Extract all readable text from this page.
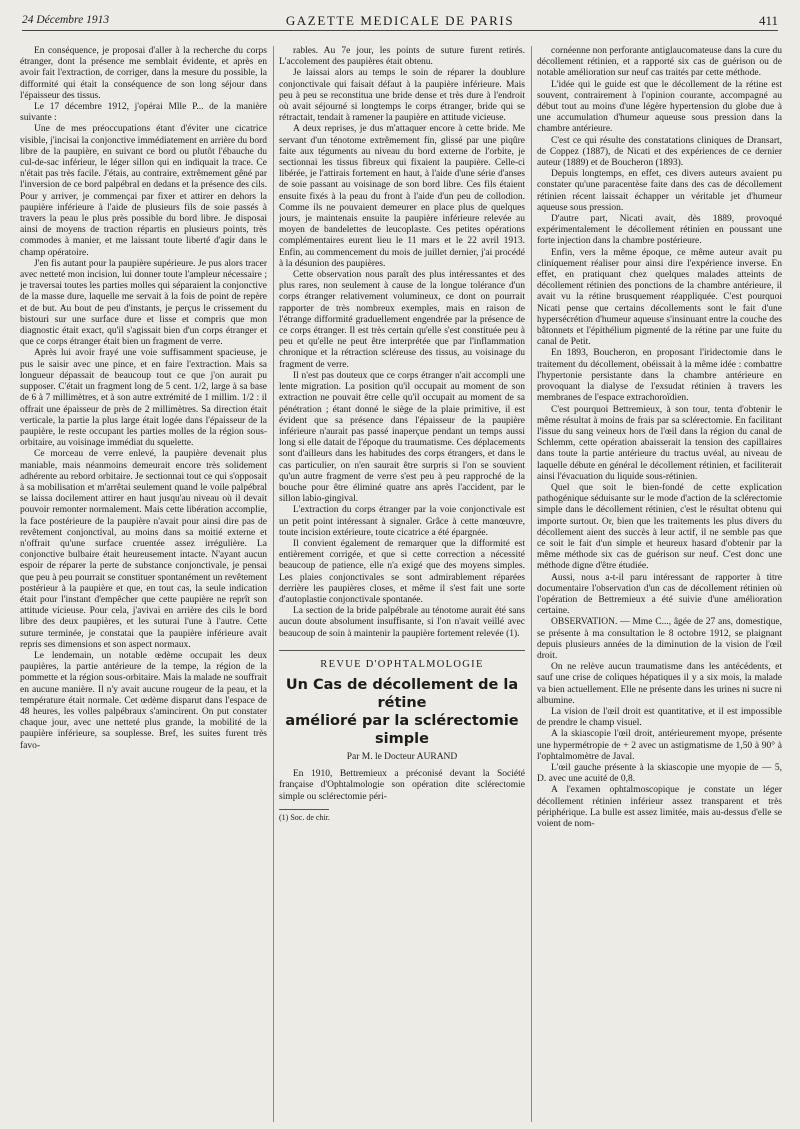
24 Décembre 1913	GAZETTE MEDICALE DE PARIS	411

En conséquence, je proposai d'aller à la recherche du corps étranger, dont la présence me semblait évidente, et après en avoir fait l'extraction, de corriger, dans la mesure du possible, la difformité qui était la conséquence de son long séjour dans l'épaisseur des tissus.

Le 17 décembre 1912, j'opérai Mlle P... de la manière suivante :

Une de mes préoccupations étant d'éviter une cicatrice visible, j'incisai la conjonctive immédiatement en arrière du bord libre de la paupière, en suivant ce bord ou plutôt l'ébauche du cul-de-sac inférieur, le léger sillon qui en indiquait la trace. Ce n'était pas très facile. J'étais, au contraire, extrêmement gêné par l'inversion de ce bord palpébral en dedans et la présence des cils. Pour y arriver, je commençai par fixer et attirer en dehors la paupière inférieure à l'aide de plusieurs fils de soie passés à travers la peau le plus près possible du bord libre. Je disposai ainsi de moyens de traction répartis en plusieurs points, très commodes à manier, et me laissant toute liberté d'agir dans le champ opératoire.

J'en fis autant pour la paupière supérieure. Je pus alors tracer avec netteté mon incision, lui donner toute l'ampleur nécessaire ; je traversai toutes les parties molles qui séparaient la conjonctive de la masse dure, laquelle me servait à la fois de point de repère et de but. Au bout de peu d'instants, je perçus le crissement du bistouri sur une surface dure et lisse et compris que mon diagnostic était exact, qu'il s'agissait bien d'un corps étranger et que ce corps étranger était bien un fragment de verre.

Après lui avoir frayé une voie suffisamment spacieuse, je pus le saisir avec une pince, et en faire l'extraction. Mais sa longueur dépassait de beaucoup tout ce que j'on aurait pu supposer. C'était un fragment long de 5 cent. 1/2, large à sa base de 6 à 7 millimètres, et à son autre extrémité de 1 millim. 1/2 : il offrait une épaisseur de près de 2 millimètres. Sa direction était verticale, la partie la plus large était logée dans l'épaisseur de la paupière, le reste occupant les parties molles de la région sous-orbitaire, au voisinage immédiat du squelette.

Ce morceau de verre enlevé, la paupière devenait plus maniable, mais néanmoins demeurait encore très solidement adhérente au rebord orbitaire. Je sectionnai tout ce qui s'opposait à sa mobilisation et m'arrêtai seulement quand le voile palpébral se laissa docilement attirer en haut jusqu'au niveau où il devait pouvoir remonter normalement. Mais cette libération accomplie, la face postérieure de la paupière n'avait pour ainsi dire pas de revêtement conjonctival, au moins dans sa moitié externe et n'offrait qu'une surface cruentée assez irrégulière. La conjonctive bulbaire était heureusement intacte. N'ayant aucun espoir de réparer la perte de substance conjonctivale, je pensai que peu à peu pourrait se constituer spontanément un revêtement postérieur à la paupière et que, en tout cas, la seule indication était pour l'instant d'empêcher que cette paupière ne reprît son attitude vicieuse. Pour cela, j'avivai en arrière des cils le bord libre des deux paupières, et les suturai l'une à l'autre. Cette suture terminée, je constatai que la paupière inférieure avait repris ses dimensions et son aspect normaux.

Le lendemain, un notable œdème occupait les deux paupières, la partie antérieure de la tempe, la région de la pommette et la région sous-orbitaire. Mais la malade ne souffrait en aucune manière. Il n'y avait aucune rougeur de la peau, et la température était normale. Cet œdème disparut dans l'espace de 48 heures, les volles palpébraux s'amincirent. On put constater chaque jour, avec une netteté plus grande, la mobilité de la paupière inférieure, sa souplesse. Bref, les suites furent très favo-

rables. Au 7e jour, les points de suture furent retirés. L'accolement des paupières était obtenu.

Je laissai alors au temps le soin de réparer la doublure conjonctivale qui faisait défaut à la paupière inférieure. Mais peu à peu se reconstitua une bride dense et très dure à l'endroit où avait séjourné si longtemps le corps étranger, bride qui se rétractait, tendait à ramener la paupière en attitude vicieuse.

A deux reprises, je dus m'attaquer encore à cette bride. Me servant d'un ténotome extrêmement fin, glissé par une piqûre faite aux téguments au niveau du bord externe de l'orbite, je sectionnai les tissus fibreux qui fixaient la paupière. Celle-ci libérée, je l'attirais fortement en haut, à l'aide d'une série d'anses de soie passant au voisinage de son bord libre. Ces fils étaient ensuite fixés à la peau du front à l'aide d'un peu de collodion. Comme ils ne pouvaient demeurer en place plus de quelques jours, je maintenais ensuite la paupière inférieure relevée au moyen de bandelettes de leucoplaste. Ces petites opérations complémentaires eurent lieu le 11 mars et le 22 avril 1913. Enfin, au commencement du mois de juillet dernier, j'ai procédé à la désunion des paupières.

Cette observation nous paraît des plus intéressantes et des plus rares, non seulement à cause de la longue tolérance d'un corps étranger relativement volumineux, ce dont on pourrait rapporter de très nombreux exemples, mais en raison de l'étrange difformité graduellement engendrée par la présence de ce corps étranger. Il est très certain qu'elle s'est constituée peu à peu et qu'elle ne peut être interprétée que par l'inflammation chronique et la rétraction scléreuse des tissus, au voisinage du fragment de verre.

Il n'est pas douteux que ce corps étranger n'ait accompli une lente migration. La position qu'il occupait au moment de son extraction ne pouvait être celle qu'il occupait au moment de sa pénétration ; étant donné le siège de la plaie primitive, il est évident que sa présence dans l'épaisseur de la paupière inférieure n'aurait pas passé inaperçue pendant un temps aussi long si elle datait de l'époque du traumatisme. Ces déplacements sont d'ailleurs dans les habitudes des corps étrangers, et dans le cas particulier, on n'en saurait être surpris si l'on se souvient qu'un autre fragment de verre s'est peu à peu rapproché de la bouche pour être éliminé quatre ans après l'accident, par le sillon labio-gingival.

L'extraction du corps étranger par la voie conjonctivale est un petit point intéressant à signaler. Grâce à cette manœuvre, toute incision extérieure, toute cicatrice a été épargnée.

Il convient également de remarquer que la difformité est entièrement corrigée, et que si cette correction a nécessité beaucoup de patience, elle n'a exigé que des moyens simples. Les plaies conjonctivales se sont admirablement réparées derrière les paupières closes, et même il s'est fait une sorte d'autoplastie conjonctivale spontanée.

La section de la bride palpébrale au ténotome aurait été sans aucun doute absolument insuffisante, si l'on n'avait veillé avec beaucoup de soin à maintenir la paupière fortement relevée (1).

REVUE D'OPHTALMOLOGIE
Un Cas de décollement de la rétine
amélioré par la sclérectomie simple
Par M. le Docteur AURAND

En 1910, Bettremieux a préconisé devant la Société française d'Ophtalmologie son opération dite sclérectomie simple ou sclérectomie péri-

(1) Soc. de chir.

cornéenne non perforante antiglaucomateuse dans la cure du décollement rétinien, et a rapporté six cas de guérison ou de notable amélioration sur neuf cas traités par cette méthode.

L'idée qui le guide est que le décollement de la rétine est souvent, contrairement à l'opinion courante, accompagné au début tout au moins d'une légère hypertension du globe due à une accumulation d'humeur aqueuse sous pression dans la chambre antérieure.

C'est ce qui résulte des constatations cliniques de Dransart, de Coppez (1887), de Nicati et des expériences de ce dernier auteur (1889) et de Boucheron (1893).

Depuis longtemps, en effet, ces divers auteurs avaient pu constater qu'une paracentèse faite dans des cas de décollement rétinien récent laissait échapper un véritable jet d'humeur aqueuse sous pression.

D'autre part, Nicati avait, dès 1889, provoqué expérimentalement le décollement rétinien en poussant une forte injection dans la chambre postérieure.

Enfin, vers la même époque, ce même auteur avait pu cliniquement réaliser pour ainsi dire l'expérience inverse. En effet, en pratiquant chez quelques malades atteints de décollement rétinien des ponctions de la chambre antérieure, il avait vu la rétine brusquement réappliquée. C'est pourquoi Nicati pense que certains décollements sont le fait d'une hypersécrétion d'humeur aqueuse s'insinuant entre la couche des bâtonnets et l'épithélium pigmenté de la rétine par une fuite du canal de Petit.

En 1893, Boucheron, en proposant l'iridectomie dans le traitement du décollement, obéissait à la même idée : combattre l'hypertonie persistante dans la chambre antérieure en provoquant la dialyse de l'exsudat rétinien à travers les membranes de l'espace extrachoroïdien.

C'est pourquoi Bettremieux, à son tour, tenta d'obtenir le même résultat à moins de frais par sa sclérectomie. En facilitant l'issue du sang veineux hors de l'œil dans la région du canal de Schlemm, cette opération abaisserait la tension des capillaires dans toute la partie antérieure du tractus uvéal, au niveau de laquelle débute en général le décollement rétinien, et faciliterait ainsi l'évacuation du liquide sous-rétinien.

Quel que soit le bien-fondé de cette explication pathogénique séduisante sur le mode d'action de la sclérectomie simple dans le décollement rétinien, c'est le résultat obtenu qui importe surtout. Or, bien que les traitements les plus divers du décollement aient des succès à leur actif, il ne semble pas que ce soit le fait d'un simple et heureux hasard d'obtenir par la même méthode six cas de guérison sur neuf. C'est donc une méthode digne d'être étudiée.

Aussi, nous a-t-il paru intéressant de rapporter à titre documentaire l'observation d'un cas de décollement rétinien où l'opération de Bettremieux a été suivie d'une amélioration certaine.

OBSERVATION. — Mme C..., âgée de 27 ans, domestique, se présente à ma consultation le 8 octobre 1912, se plaignant depuis plusieurs années de la diminution de la vision de l'œil droit.

On ne relève aucun traumatisme dans les antécédents, et sauf une crise de coliques hépatiques il y a six mois, la malade va bien actuellement. Elle ne présente dans les urines ni sucre ni albumine.

La vision de l'œil droit est quantitative, et il est impossible de prendre le champ visuel.

A la skiascopie l'œil droit, antérieurement myope, présente une hypermétropie de + 2 avec un astigmatisme de 1,50 à 90° à l'ophtalmomètre de Javal.

L'œil gauche présente à la skiascopie une myopie de — 5, D. avec une acuité de 0,8.

A l'examen ophtalmoscopique je constate un léger décollement rétinien inférieur assez transparent et très périphérique. La bulle est assez limitée, mais au-dessus d'elle se voient de nom-
